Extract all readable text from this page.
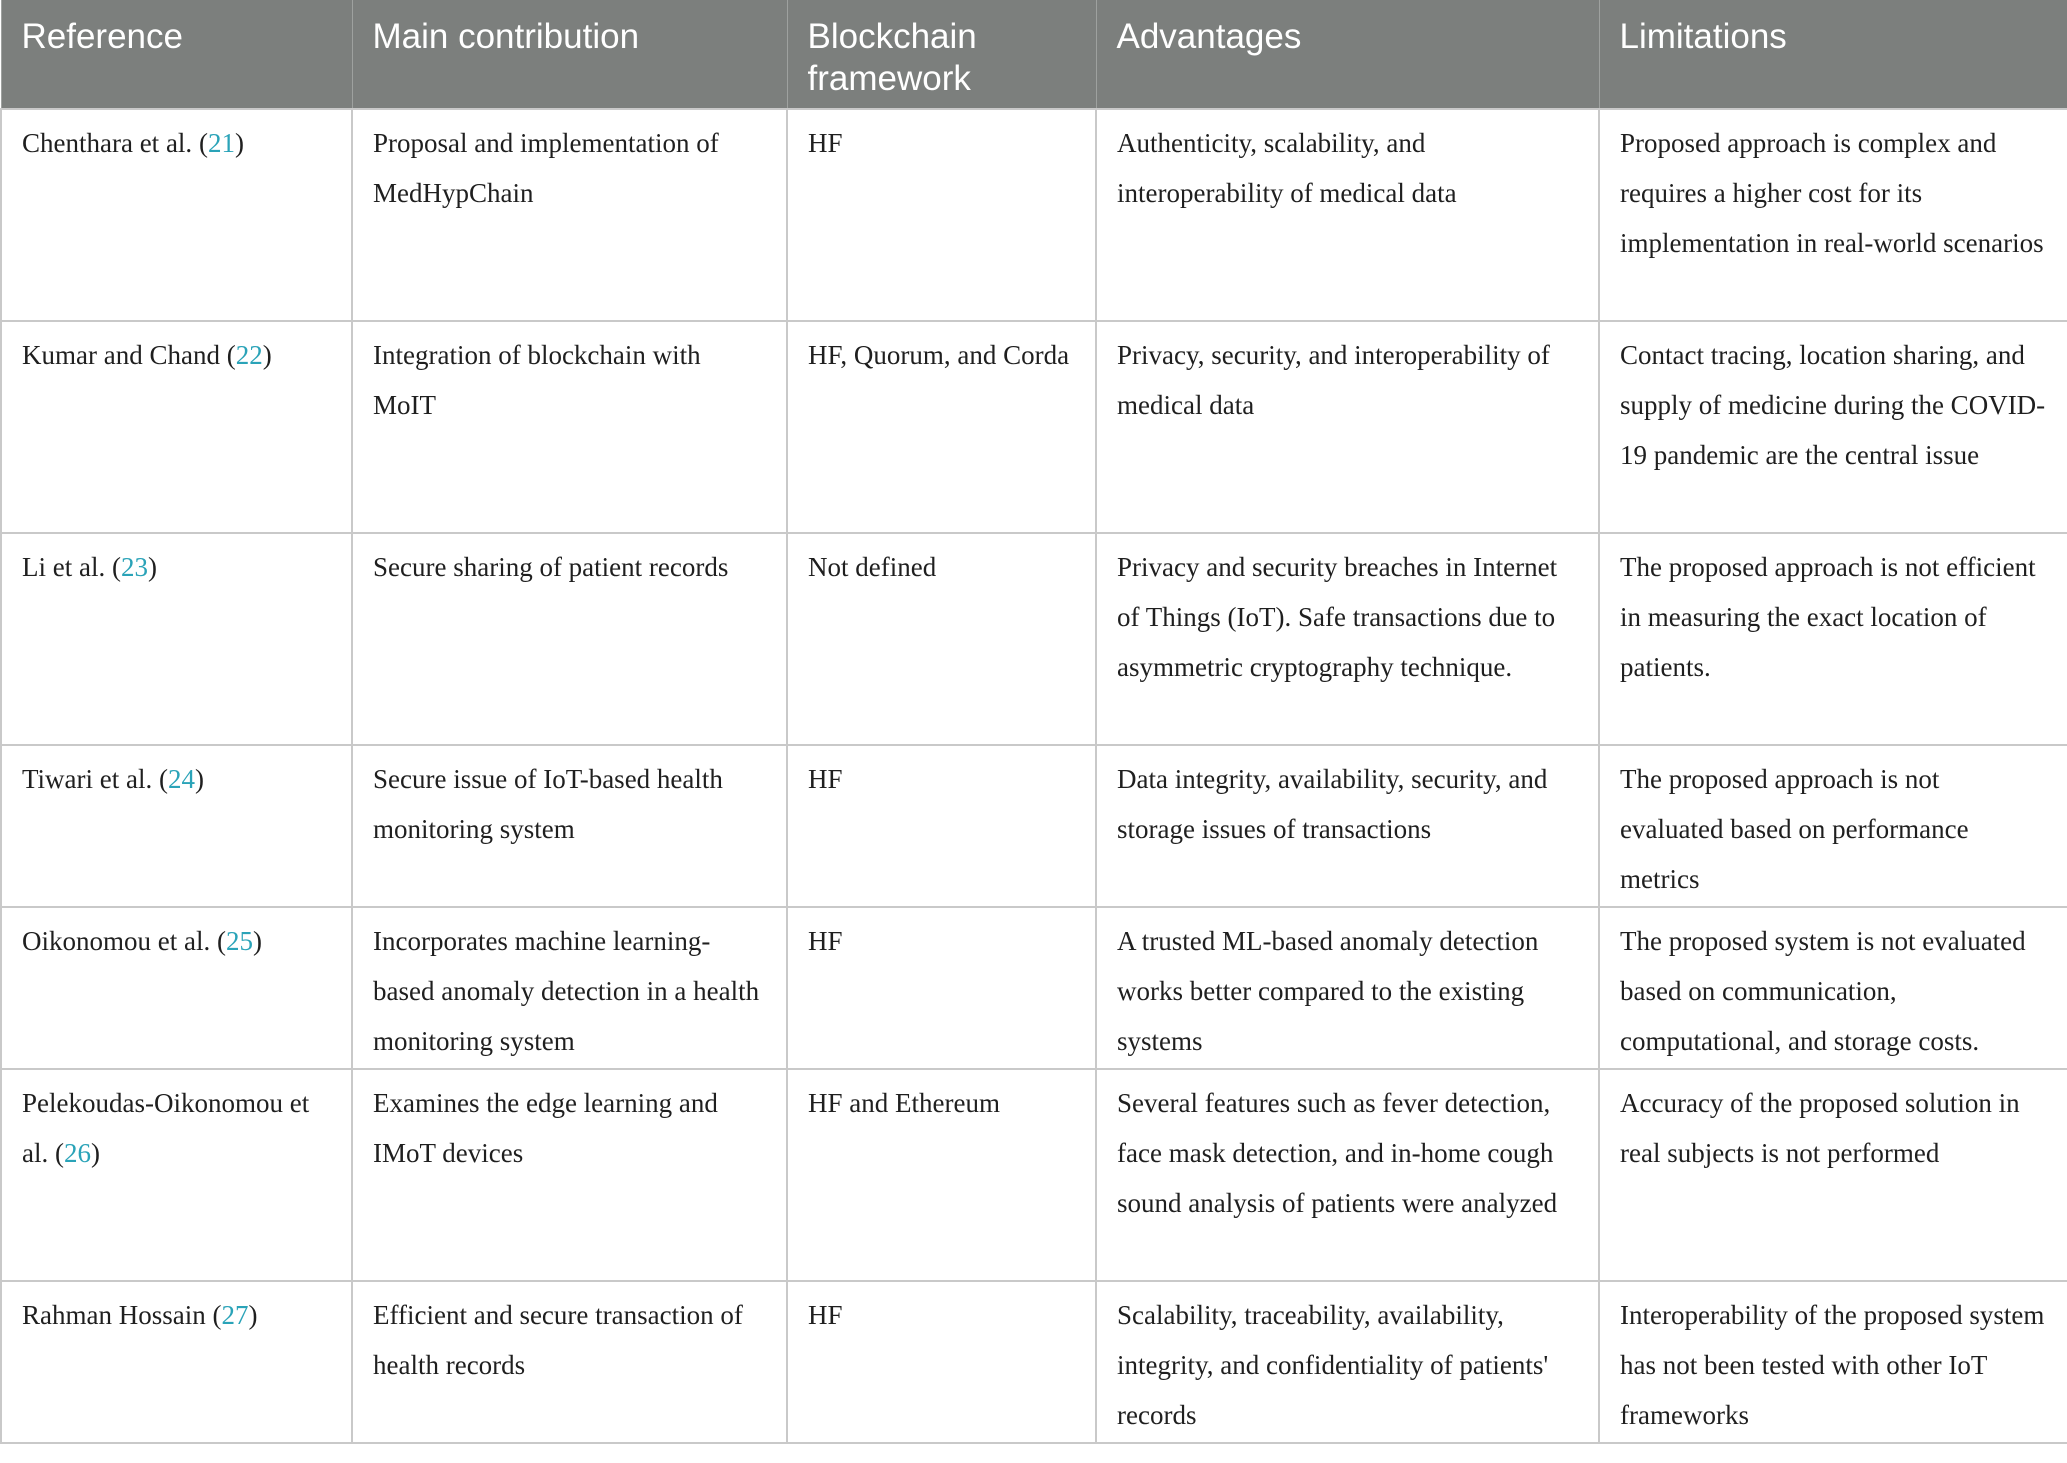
Reference	Main contribution	Blockchain framework	Advantages	Limitations
Chenthara et al. (21)	Proposal and implementation of MedHypChain	HF	Authenticity, scalability, and interoperability of medical data	Proposed approach is complex and requires a higher cost for its implementation in real-world scenarios
Kumar and Chand (22)	Integration of blockchain with MoIT	HF, Quorum, and Corda	Privacy, security, and interoperability of medical data	Contact tracing, location sharing, and supply of medicine during the COVID-19 pandemic are the central issue
Li et al. (23)	Secure sharing of patient records	Not defined	Privacy and security breaches in Internet of Things (IoT). Safe transactions due to asymmetric cryptography technique.	The proposed approach is not efficient in measuring the exact location of patients.
Tiwari et al. (24)	Secure issue of IoT-based health monitoring system	HF	Data integrity, availability, security, and storage issues of transactions	The proposed approach is not evaluated based on performance metrics
Oikonomou et al. (25)	Incorporates machine learning-based anomaly detection in a health monitoring system	HF	A trusted ML-based anomaly detection works better compared to the existing systems	The proposed system is not evaluated based on communication, computational, and storage costs.
Pelekoudas-Oikonomou et al. (26)	Examines the edge learning and IMoT devices	HF and Ethereum	Several features such as fever detection, face mask detection, and in-home cough sound analysis of patients were analyzed	Accuracy of the proposed solution in real subjects is not performed
Rahman Hossain (27)	Efficient and secure transaction of health records	HF	Scalability, traceability, availability, integrity, and confidentiality of patients' records	Interoperability of the proposed system has not been tested with other IoT frameworks
